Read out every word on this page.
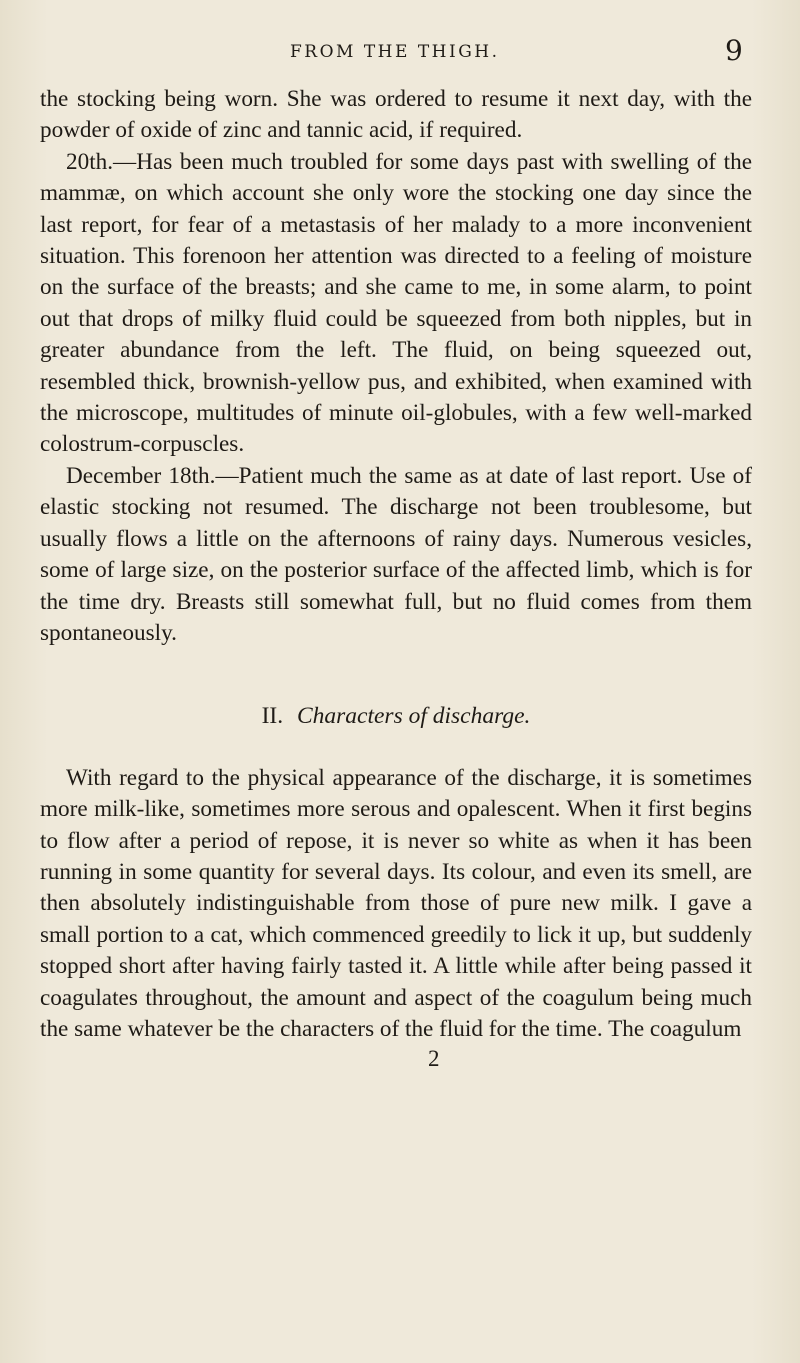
FROM THE THIGH.	9

the stocking being worn. She was ordered to resume it next day, with the powder of oxide of zinc and tannic acid, if required.

20th.—Has been much troubled for some days past with swelling of the mammæ, on which account she only wore the stocking one day since the last report, for fear of a metastasis of her malady to a more inconvenient situation. This forenoon her attention was directed to a feeling of moisture on the surface of the breasts; and she came to me, in some alarm, to point out that drops of milky fluid could be squeezed from both nipples, but in greater abundance from the left. The fluid, on being squeezed out, resembled thick, brownish-yellow pus, and exhibited, when examined with the microscope, multitudes of minute oil-globules, with a few well-marked colostrum-corpuscles.

December 18th.—Patient much the same as at date of last report. Use of elastic stocking not resumed. The discharge not been troublesome, but usually flows a little on the afternoons of rainy days. Numerous vesicles, some of large size, on the posterior surface of the affected limb, which is for the time dry. Breasts still somewhat full, but no fluid comes from them spontaneously.

II. Characters of discharge.

With regard to the physical appearance of the discharge, it is sometimes more milk-like, sometimes more serous and opalescent. When it first begins to flow after a period of repose, it is never so white as when it has been running in some quantity for several days. Its colour, and even its smell, are then absolutely indistinguishable from those of pure new milk. I gave a small portion to a cat, which commenced greedily to lick it up, but suddenly stopped short after having fairly tasted it. A little while after being passed it coagulates throughout, the amount and aspect of the coagulum being much the same whatever be the characters of the fluid for the time. The coagulum

2
